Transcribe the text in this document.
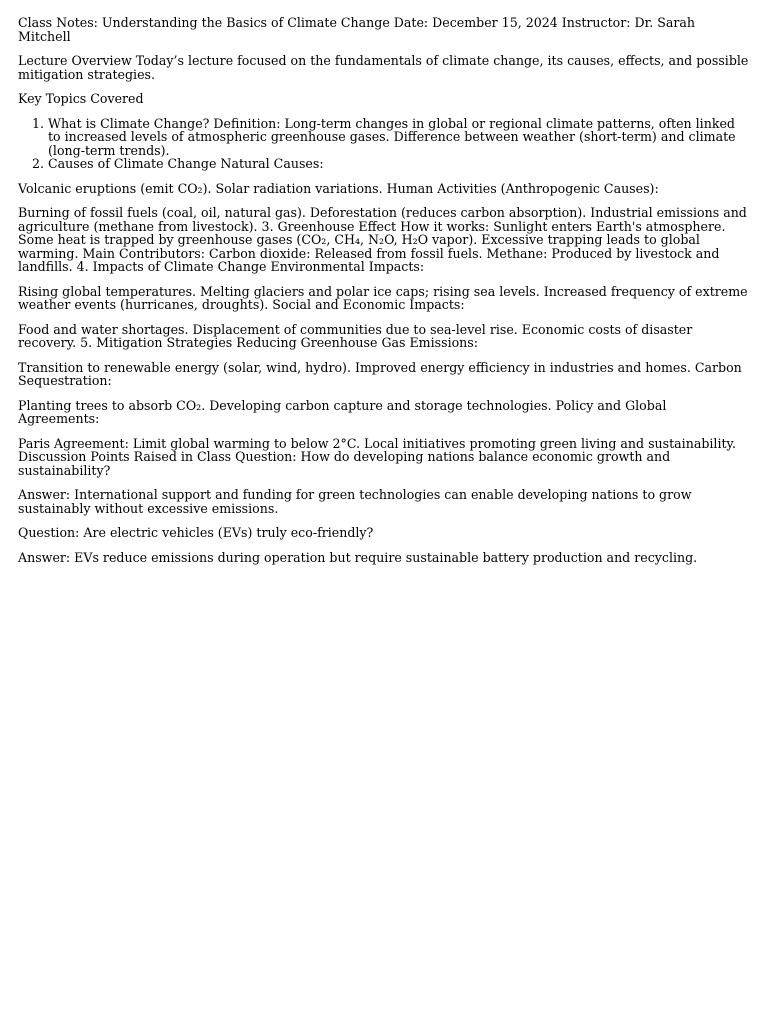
Class Notes: Understanding the Basics of Climate Change Date: December 15, 2024 Instructor: Dr. Sarah Mitchell

Lecture Overview Today’s lecture focused on the fundamentals of climate change, its causes, effects, and possible mitigation strategies.

Key Topics Covered

1. What is Climate Change? Definition: Long-term changes in global or regional climate patterns, often linked to increased levels of atmospheric greenhouse gases. Difference between weather (short-term) and climate (long-term trends).
2. Causes of Climate Change Natural Causes:

Volcanic eruptions (emit CO₂). Solar radiation variations. Human Activities (Anthropogenic Causes):

Burning of fossil fuels (coal, oil, natural gas). Deforestation (reduces carbon absorption). Industrial emissions and agriculture (methane from livestock). 3. Greenhouse Effect How it works: Sunlight enters Earth's atmosphere. Some heat is trapped by greenhouse gases (CO₂, CH₄, N₂O, H₂O vapor). Excessive trapping leads to global warming. Main Contributors: Carbon dioxide: Released from fossil fuels. Methane: Produced by livestock and landfills. 4. Impacts of Climate Change Environmental Impacts:

Rising global temperatures. Melting glaciers and polar ice caps; rising sea levels. Increased frequency of extreme weather events (hurricanes, droughts). Social and Economic Impacts:

Food and water shortages. Displacement of communities due to sea-level rise. Economic costs of disaster recovery. 5. Mitigation Strategies Reducing Greenhouse Gas Emissions:

Transition to renewable energy (solar, wind, hydro). Improved energy efficiency in industries and homes. Carbon Sequestration:

Planting trees to absorb CO₂. Developing carbon capture and storage technologies. Policy and Global Agreements:

Paris Agreement: Limit global warming to below 2°C. Local initiatives promoting green living and sustainability. Discussion Points Raised in Class Question: How do developing nations balance economic growth and sustainability?

Answer: International support and funding for green technologies can enable developing nations to grow sustainably without excessive emissions.

Question: Are electric vehicles (EVs) truly eco-friendly?

Answer: EVs reduce emissions during operation but require sustainable battery production and recycling.
